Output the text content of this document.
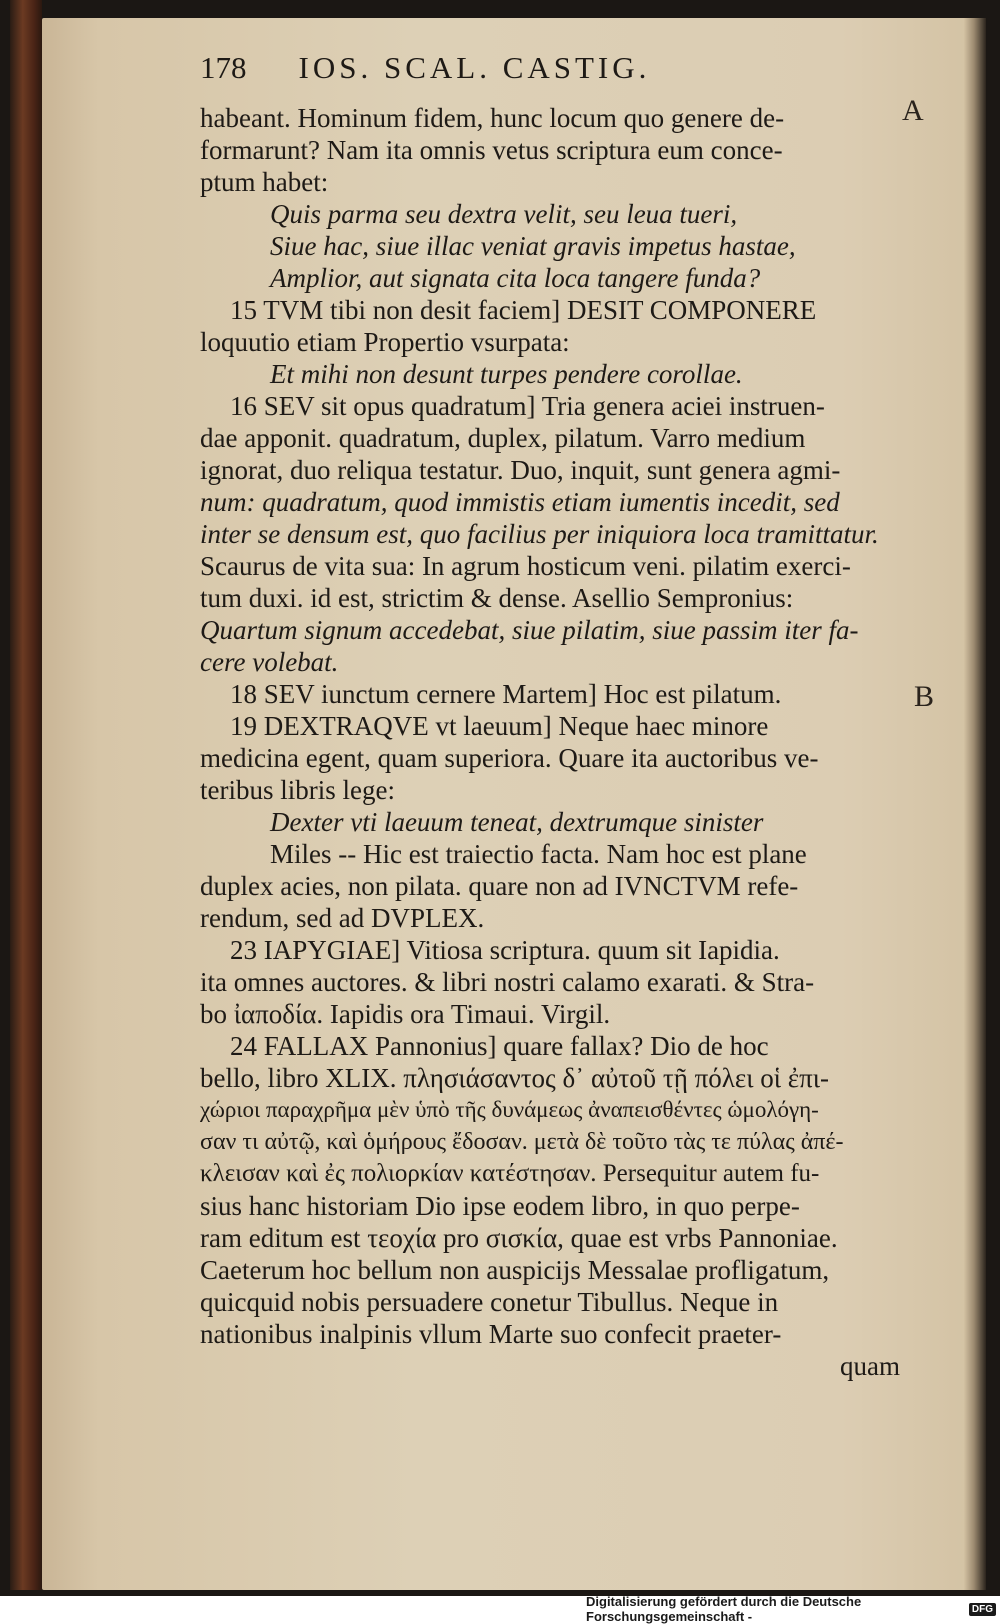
A
B
178 IOS. SCAL. CASTIG.
habeant. Hominum fidem, hunc locum quo genere de-
formarunt? Nam ita omnis vetus scriptura eum conce-
ptum habet:
Quis parma seu dextra velit, seu leua tueri,
Siue hac, siue illac veniat gravis impetus hastae,
Amplior, aut signata cita loca tangere funda?
15 TVM tibi non desit faciem] DESIT COMPONERE
loquutio etiam Propertio vsurpata:
Et mihi non desunt turpes pendere corollae.
16 SEV sit opus quadratum] Tria genera aciei instruen-
dae apponit. quadratum, duplex, pilatum. Varro medium
ignorat, duo reliqua testatur. Duo, inquit, sunt genera agmi-
num: quadratum, quod immistis etiam iumentis incedit, sed
inter se densum est, quo facilius per iniquiora loca tramittatur.
Scaurus de vita sua: In agrum hosticum veni. pilatim exerci-
tum duxi. id est, strictim & dense. Asellio Sempronius:
Quartum signum accedebat, siue pilatim, siue passim iter fa-
cere volebat.
18 SEV iunctum cernere Martem] Hoc est pilatum.
19 DEXTRAQVE vt laeuum] Neque haec minore
medicina egent, quam superiora. Quare ita auctoribus ve-
teribus libris lege:
Dexter vti laeuum teneat, dextrumque sinister
Miles -- Hic est traiectio facta. Nam hoc est plane
duplex acies, non pilata. quare non ad IVNCTVM refe-
rendum, sed ad DVPLEX.
23 IAPYGIAE] Vitiosa scriptura. quum sit Iapidia.
ita omnes auctores. & libri nostri calamo exarati. & Stra-
bo ἰαποδία. Iapidis ora Timaui. Virgil.
24 FALLAX Pannonius] quare fallax? Dio de hoc
bello, libro XLIX. πλησιάσαντος δ᾽ αὐτοῦ τῇ πόλει οἱ ἐπι-
χώριοι παραχρῆμα μὲν ὑπὸ τῆς δυνάμεως ἀναπεισθέντες ὡμολόγη-
σαν τι αὐτῷ, καὶ ὁμήρους ἔδοσαν. μετὰ δὲ τοῦτο τὰς τε πύλας ἀπέ-
κλεισαν καὶ ἐς πολιορκίαν κατέστησαν. Persequitur autem fu-
sius hanc historiam Dio ipse eodem libro, in quo perpe-
ram editum est τεοχία pro σισκία, quae est vrbs Pannoniae.
Caeterum hoc bellum non auspicijs Messalae profligatum,
quicquid nobis persuadere conetur Tibullus. Neque in
nationibus inalpinis vllum Marte suo confecit praeter-
quam
Digitalisierung gefördert durch die Deutsche Forschungsgemeinschaft -	DFG
